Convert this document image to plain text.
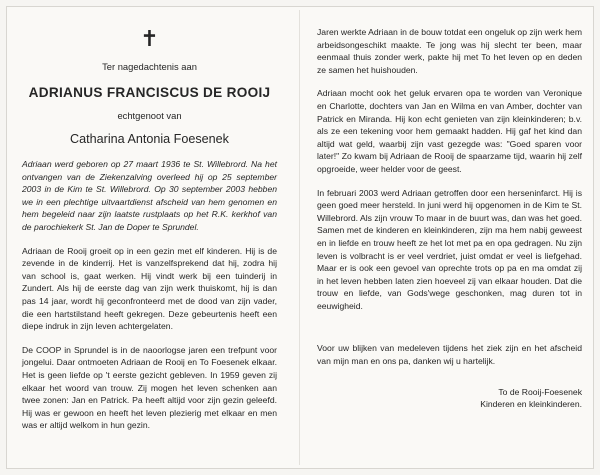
✝
Ter nagedachtenis aan
ADRIANUS FRANCISCUS DE ROOIJ
echtgenoot van
Catharina Antonia Foesenek

Adriaan werd geboren op 27 maart 1936 te St. Willebrord. Na het ontvangen van de Ziekenzalving overleed hij op 25 september 2003 in de Kim te St. Willebrord. Op 30 september 2003 hebben we in een plechtige uitvaartdienst afscheid van hem genomen en hem begeleid naar zijn laatste rustplaats op het R.K. kerkhof van de parochiekerk St. Jan de Doper te Sprundel.

Adriaan de Rooij groeit op in een gezin met elf kinderen. Hij is de zevende in de kinderrij. Het is vanzelfsprekend dat hij, zodra hij van school is, gaat werken. Hij vindt werk bij een tuinderij in Zundert. Als hij de eerste dag van zijn werk thuiskomt, hij is dan pas 14 jaar, wordt hij geconfronteerd met de dood van zijn vader, die een hartstilstand heeft gekregen. Deze gebeurtenis heeft een diepe indruk in zijn leven achtergelaten.

De COOP in Sprundel is in de naoorlogse jaren een trefpunt voor jongelui. Daar ontmoeten Adriaan de Rooij en To Foesenek elkaar. Het is geen liefde op 't eerste gezicht gebleven. In 1959 geven zij elkaar het woord van trouw. Zij mogen het leven schenken aan twee zonen: Jan en Patrick. Pa heeft altijd voor zijn gezin geleefd. Hij was er gewoon en heeft het leven plezierig met elkaar en men was er altijd welkom in hun gezin.

Jaren werkte Adriaan in de bouw totdat een ongeluk op zijn werk hem arbeidsongeschikt maakte. Te jong was hij slecht ter been, maar eenmaal thuis zonder werk, pakte hij met To het leven op en deden ze samen het huishouden.

Adriaan mocht ook het geluk ervaren opa te worden van Veronique en Charlotte, dochters van Jan en Wilma en van Amber, dochter van Patrick en Miranda. Hij kon echt genieten van zijn kleinkinderen; b.v. als ze een tekening voor hem gemaakt hadden. Hij gaf het kind dan altijd wat geld, waarbij zijn vast gezegde was: "Goed sparen voor later!" Zo kwam bij Adriaan de Rooij de spaarzame tijd, waarin hij zelf opgroeide, weer helder voor de geest.

In februari 2003 werd Adriaan getroffen door een herseninfarct. Hij is geen goed meer hersteld. In juni werd hij opgenomen in de Kim te St. Willebrord. Als zijn vrouw To maar in de buurt was, dan was het goed. Samen met de kinderen en kleinkinderen, zijn ma hem nabij geweest en in liefde en trouw heeft ze het lot met pa en opa gedragen. Nu zijn leven is volbracht is er veel verdriet, juist omdat er veel is liefgehad. Maar er is ook een gevoel van oprechte trots op pa en ma omdat zij in het leven hebben laten zien hoeveel zij van elkaar houden. Dat die trouw en liefde, van Gods'wege geschonken, mag duren tot in eeuwigheid.

Voor uw blijken van medeleven tijdens het ziek zijn en het afscheid van mijn man en ons pa, danken wij u hartelijk.

To de Rooij-Foesenek
Kinderen en kleinkinderen.
